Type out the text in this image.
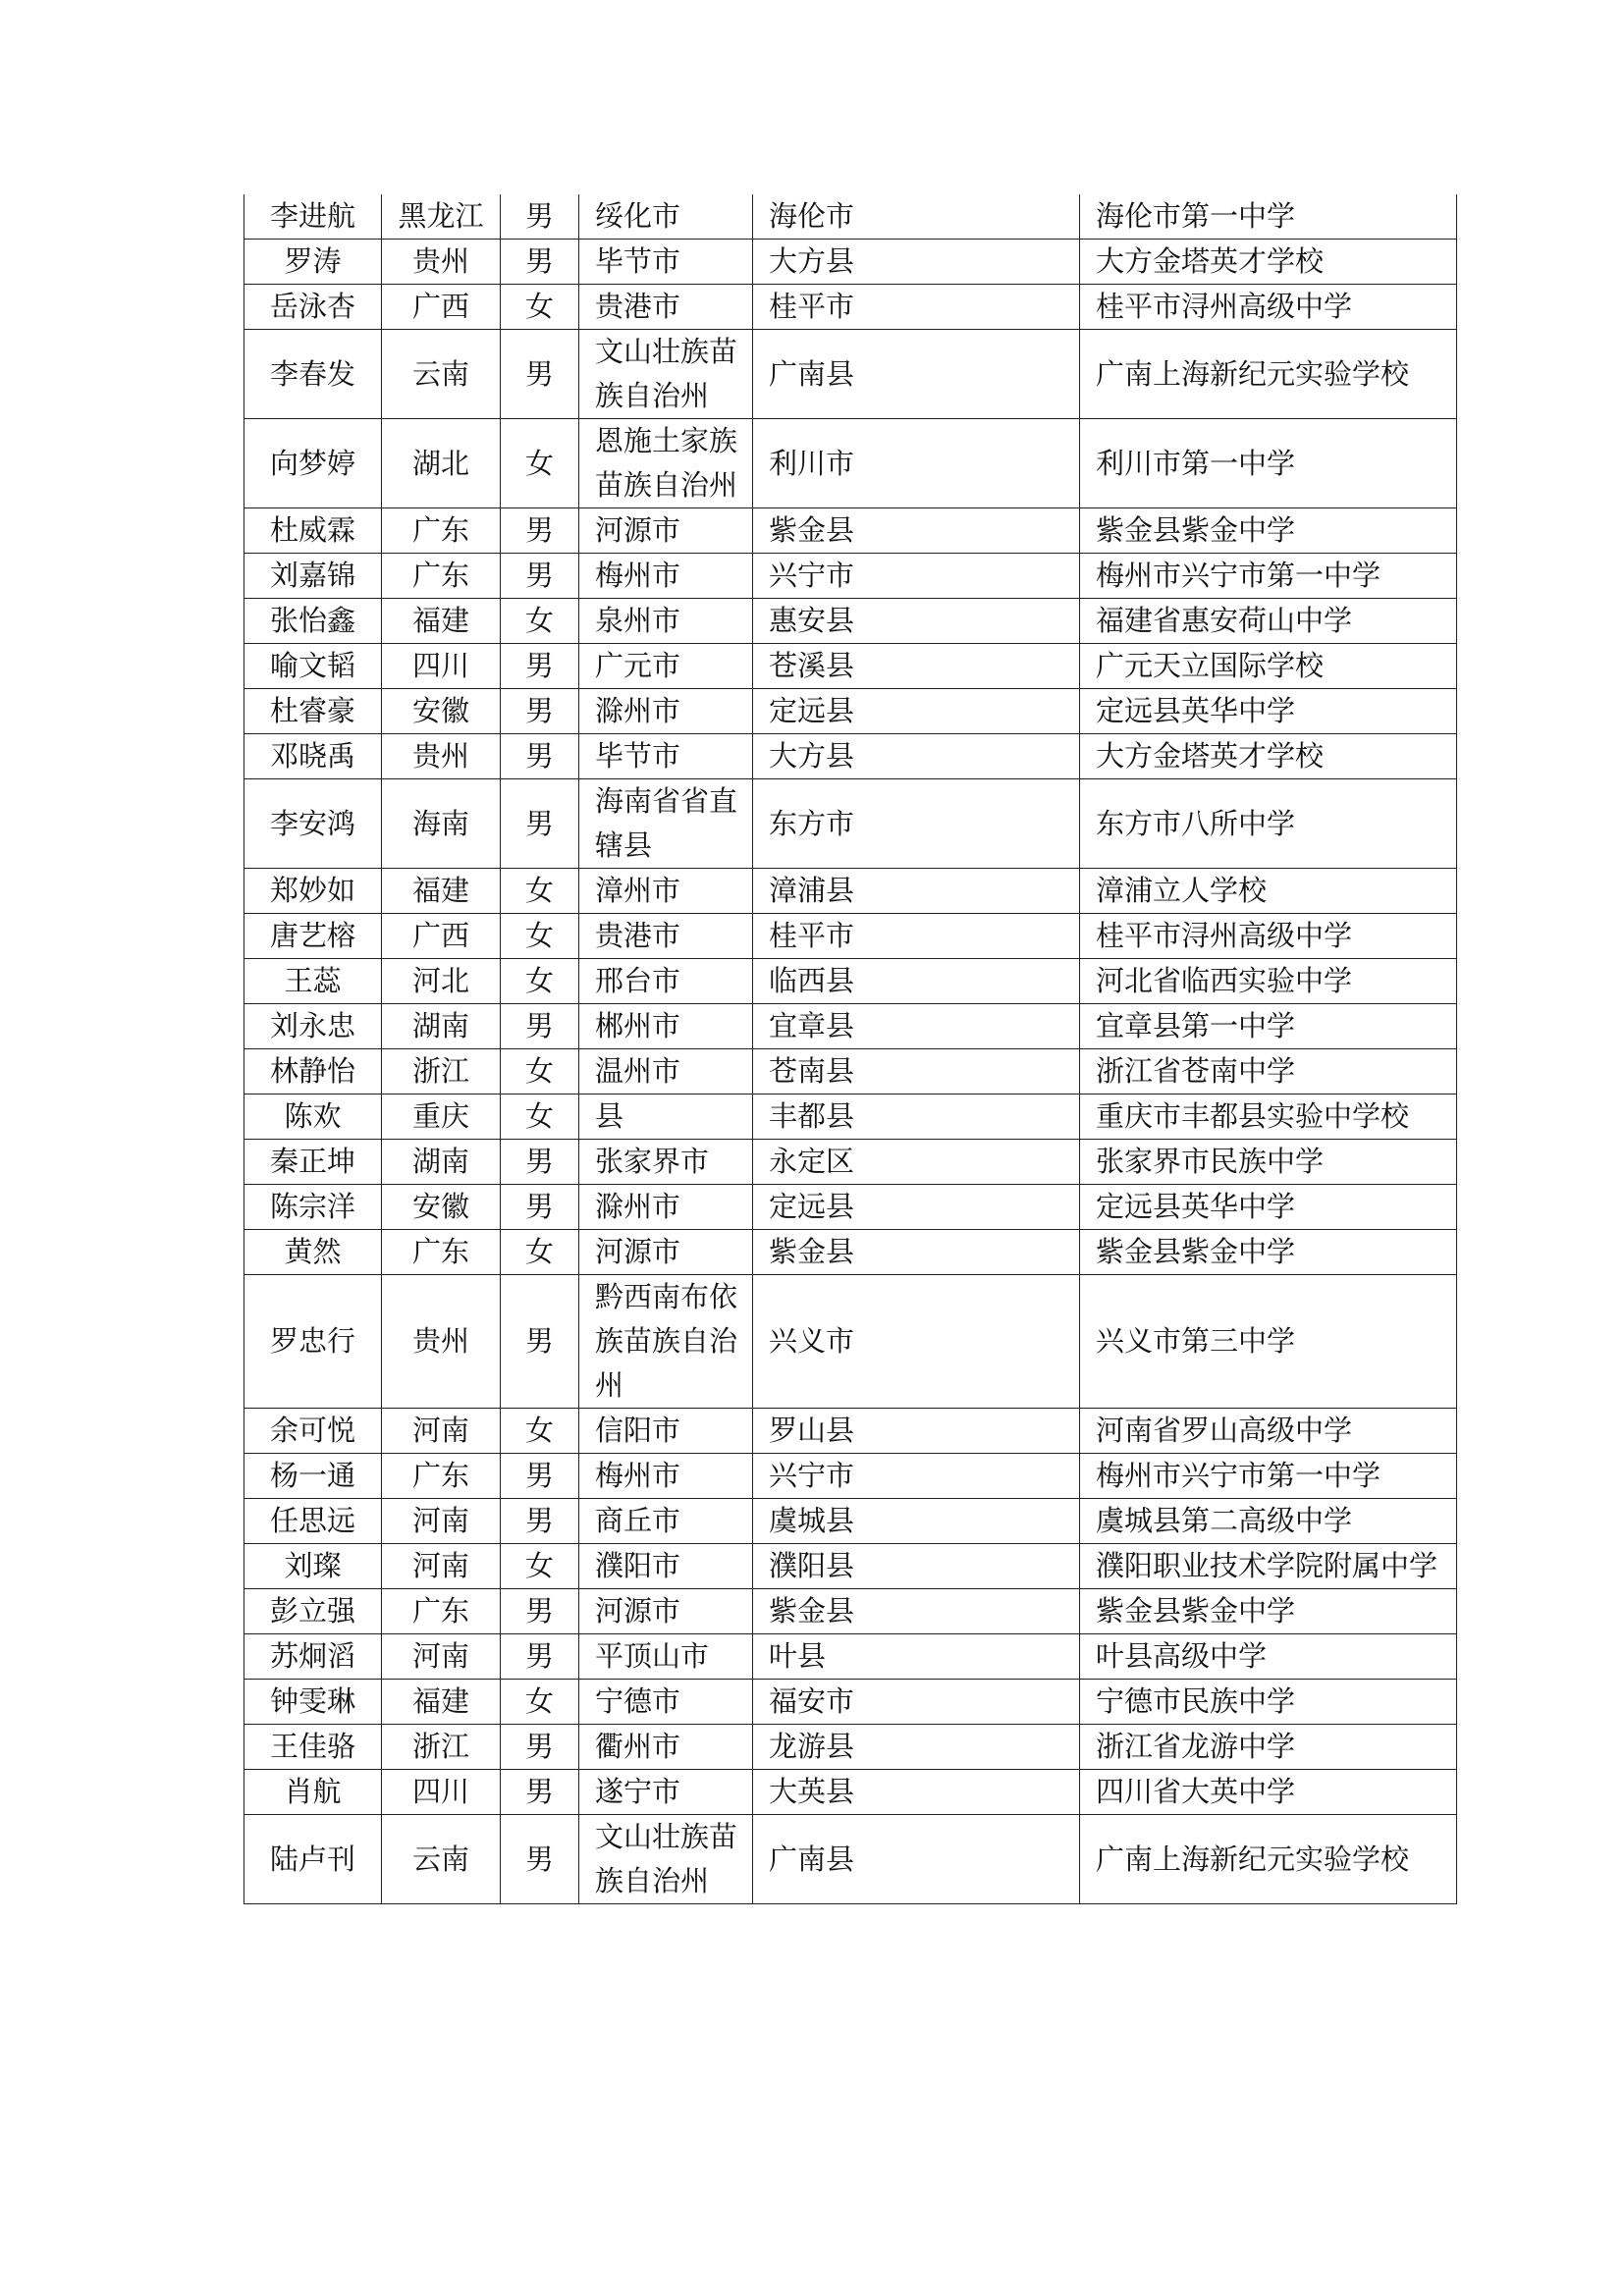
李进航	黑龙江	男	绥化市	海伦市	海伦市第一中学
罗涛	贵州	男	毕节市	大方县	大方金塔英才学校
岳泳杏	广西	女	贵港市	桂平市	桂平市浔州高级中学
李春发	云南	男	文山壮族苗族自治州	广南县	广南上海新纪元实验学校
向梦婷	湖北	女	恩施土家族苗族自治州	利川市	利川市第一中学
杜威霖	广东	男	河源市	紫金县	紫金县紫金中学
刘嘉锦	广东	男	梅州市	兴宁市	梅州市兴宁市第一中学
张怡鑫	福建	女	泉州市	惠安县	福建省惠安荷山中学
喻文韬	四川	男	广元市	苍溪县	广元天立国际学校
杜睿豪	安徽	男	滁州市	定远县	定远县英华中学
邓晓禹	贵州	男	毕节市	大方县	大方金塔英才学校
李安鸿	海南	男	海南省省直辖县	东方市	东方市八所中学
郑妙如	福建	女	漳州市	漳浦县	漳浦立人学校
唐艺榕	广西	女	贵港市	桂平市	桂平市浔州高级中学
王蕊	河北	女	邢台市	临西县	河北省临西实验中学
刘永忠	湖南	男	郴州市	宜章县	宜章县第一中学
林静怡	浙江	女	温州市	苍南县	浙江省苍南中学
陈欢	重庆	女	县	丰都县	重庆市丰都县实验中学校
秦正坤	湖南	男	张家界市	永定区	张家界市民族中学
陈宗洋	安徽	男	滁州市	定远县	定远县英华中学
黄然	广东	女	河源市	紫金县	紫金县紫金中学
罗忠行	贵州	男	黔西南布依族苗族自治州	兴义市	兴义市第三中学
余可悦	河南	女	信阳市	罗山县	河南省罗山高级中学
杨一通	广东	男	梅州市	兴宁市	梅州市兴宁市第一中学
任思远	河南	男	商丘市	虞城县	虞城县第二高级中学
刘璨	河南	女	濮阳市	濮阳县	濮阳职业技术学院附属中学
彭立强	广东	男	河源市	紫金县	紫金县紫金中学
苏炯滔	河南	男	平顶山市	叶县	叶县高级中学
钟雯琳	福建	女	宁德市	福安市	宁德市民族中学
王佳骆	浙江	男	衢州市	龙游县	浙江省龙游中学
肖航	四川	男	遂宁市	大英县	四川省大英中学
陆卢刊	云南	男	文山壮族苗族自治州	广南县	广南上海新纪元实验学校
